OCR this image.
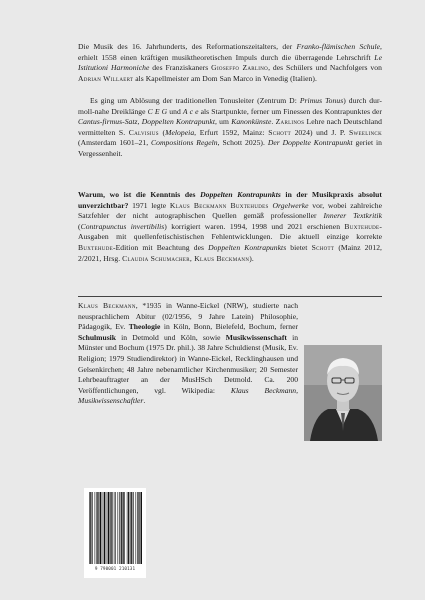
Die Musik des 16. Jahrhunderts, des Reformationszeitalters, der Franko-flämischen Schule, erhielt 1558 einen kräftigen musiktheoretischen Impuls durch die überragende Lehrschrift Le Istitutioni Harmoniche des Franziskaners Gioseffo Zarlino, des Schülers und Nachfolgers von Adrian Willaert als Kapellmeister am Dom San Marco in Venedig (Italien).

Es ging um Ablösung der traditionellen Tonusleiter (Zentrum D: Primus Tonus) durch dur-moll-nahe Dreiklänge C E G und A c e als Startpunkte, ferner um Finessen des Kontrapunktes der Cantus-firmus-Satz, Doppelten Kontrapunkt, um Kanonkünste. Zarlinos Lehre nach Deutschland vermittelten S. Calvisius (Melopeia, Erfurt 1592, Mainz: Schott 2024) und J. P. Sweelinck (Amsterdam 1601–21, Compositions Regeln, Schott 2025). Der Doppelte Kontrapunkt geriet in Vergessenheit.

Warum, wo ist die Kenntnis des Doppelten Kontrapunkts in der Musikpraxis absolut unverzichtbar? 1971 legte Klaus Beckmann Buxtehudes Orgelwerke vor, wobei zahlreiche Satzfehler der nicht autographischen Quellen gemäß professioneller Innerer Textkritik (Contrapunctus invertibilis) korrigiert waren. 1994, 1998 und 2021 erschienen Buxtehude-Ausgaben mit quellenfetischistischen Fehlentwicklungen. Die aktuell einzige korrekte Buxtehude-Edition mit Beachtung des Doppelten Kontrapunkts bietet Schott (Mainz 2012, 2/2021, Hrsg. Claudia Schumacher, Klaus Beckmann).

Klaus Beckmann, *1935 in Wanne-Eickel (NRW), studierte nach neusprachlichem Abitur (02/1956, 9 Jahre Latein) Philosophie, Pädagogik, Ev. Theologie in Köln, Bonn, Bielefeld, Bochum, ferner Schulmusik in Detmold und Köln, sowie Musikwissenschaft in Münster und Bochum (1975 Dr. phil.). 38 Jahre Schuldienst (Musik, Ev. Religion; 1979 Studiendirektor) in Wanne-Eickel, Recklinghausen und Gelsenkirchen; 48 Jahre nebenamtlicher Kirchenmusiker; 20 Semester Lehrbeauftragter an der MusHSch Detmold. Ca. 200 Veröffentlichungen, vgl. Wikipedia: Klaus Beckmann, Musikwissenschaftler.

9 790001 210131
